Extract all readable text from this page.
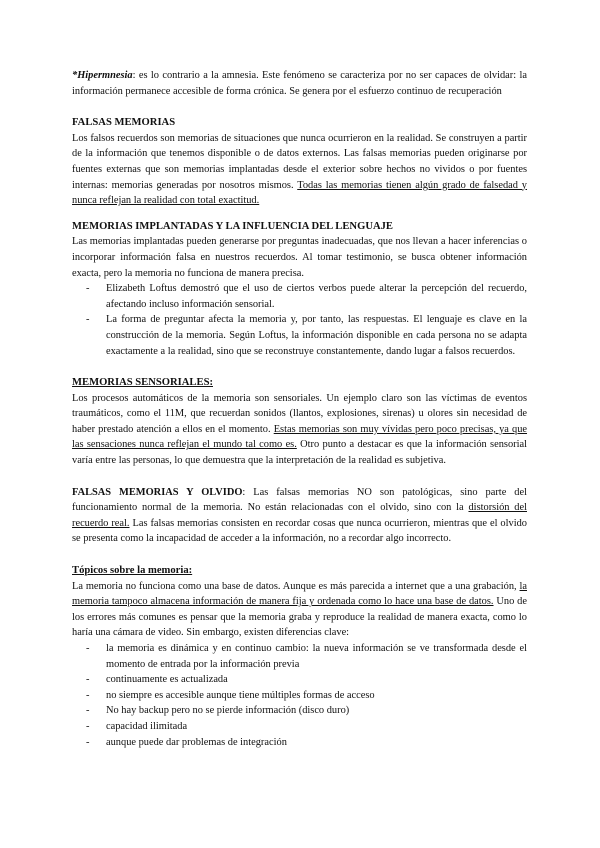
*Hipermnesia: es lo contrario a la amnesia. Este fenómeno se caracteriza por no ser capaces de olvidar: la información permanece accesible de forma crónica. Se genera por el esfuerzo continuo de recuperación

FALSAS MEMORIAS

Los falsos recuerdos son memorias de situaciones que nunca ocurrieron en la realidad. Se construyen a partir de la información que tenemos disponible o de datos externos. Las falsas memorias pueden originarse por fuentes externas que son memorias implantadas desde el exterior sobre hechos no vividos o por fuentes internas: memorias generadas por nosotros mismos. Todas las memorias tienen algún grado de falsedad y nunca reflejan la realidad con total exactitud.

MEMORIAS IMPLANTADAS Y LA INFLUENCIA DEL LENGUAJE

Las memorias implantadas pueden generarse por preguntas inadecuadas, que nos llevan a hacer inferencias o incorporar información falsa en nuestros recuerdos. Al tomar testimonio, se busca obtener información exacta, pero la memoria no funciona de manera precisa.

- Elizabeth Loftus demostró que el uso de ciertos verbos puede alterar la percepción del recuerdo, afectando incluso información sensorial.
- La forma de preguntar afecta la memoria y, por tanto, las respuestas. El lenguaje es clave en la construcción de la memoria. Según Loftus, la información disponible en cada persona no se adapta exactamente a la realidad, sino que se reconstruye constantemente, dando lugar a falsos recuerdos.
MEMORIAS SENSORIALES:

Los procesos automáticos de la memoria son sensoriales. Un ejemplo claro son las víctimas de eventos traumáticos, como el 11M, que recuerdan sonidos (llantos, explosiones, sirenas) u olores sin necesidad de haber prestado atención a ellos en el momento. Estas memorias son muy vívidas pero poco precisas, ya que las sensaciones nunca reflejan el mundo tal como es. Otro punto a destacar es que la información sensorial varía entre las personas, lo que demuestra que la interpretación de la realidad es subjetiva.

FALSAS MEMORIAS Y OLVIDO: Las falsas memorias NO son patológicas, sino parte del funcionamiento normal de la memoria. No están relacionadas con el olvido, sino con la distorsión del recuerdo real. Las falsas memorias consisten en recordar cosas que nunca ocurrieron, mientras que el olvido se presenta como la incapacidad de acceder a la información, no a recordar algo incorrecto.

Tópicos sobre la memoria:

La memoria no funciona como una base de datos. Aunque es más parecida a internet que a una grabación, la memoria tampoco almacena información de manera fija y ordenada como lo hace una base de datos. Uno de los errores más comunes es pensar que la memoria graba y reproduce la realidad de manera exacta, como lo haría una cámara de video. Sin embargo, existen diferencias clave:

- la memoria es dinámica y en continuo cambio: la nueva información se ve transformada desde el momento de entrada por la información previa
- continuamente es actualizada
- no siempre es accesible aunque tiene múltiples formas de acceso
- No hay backup pero no se pierde información (disco duro)
- capacidad ilimitada
- aunque puede dar problemas de integración
